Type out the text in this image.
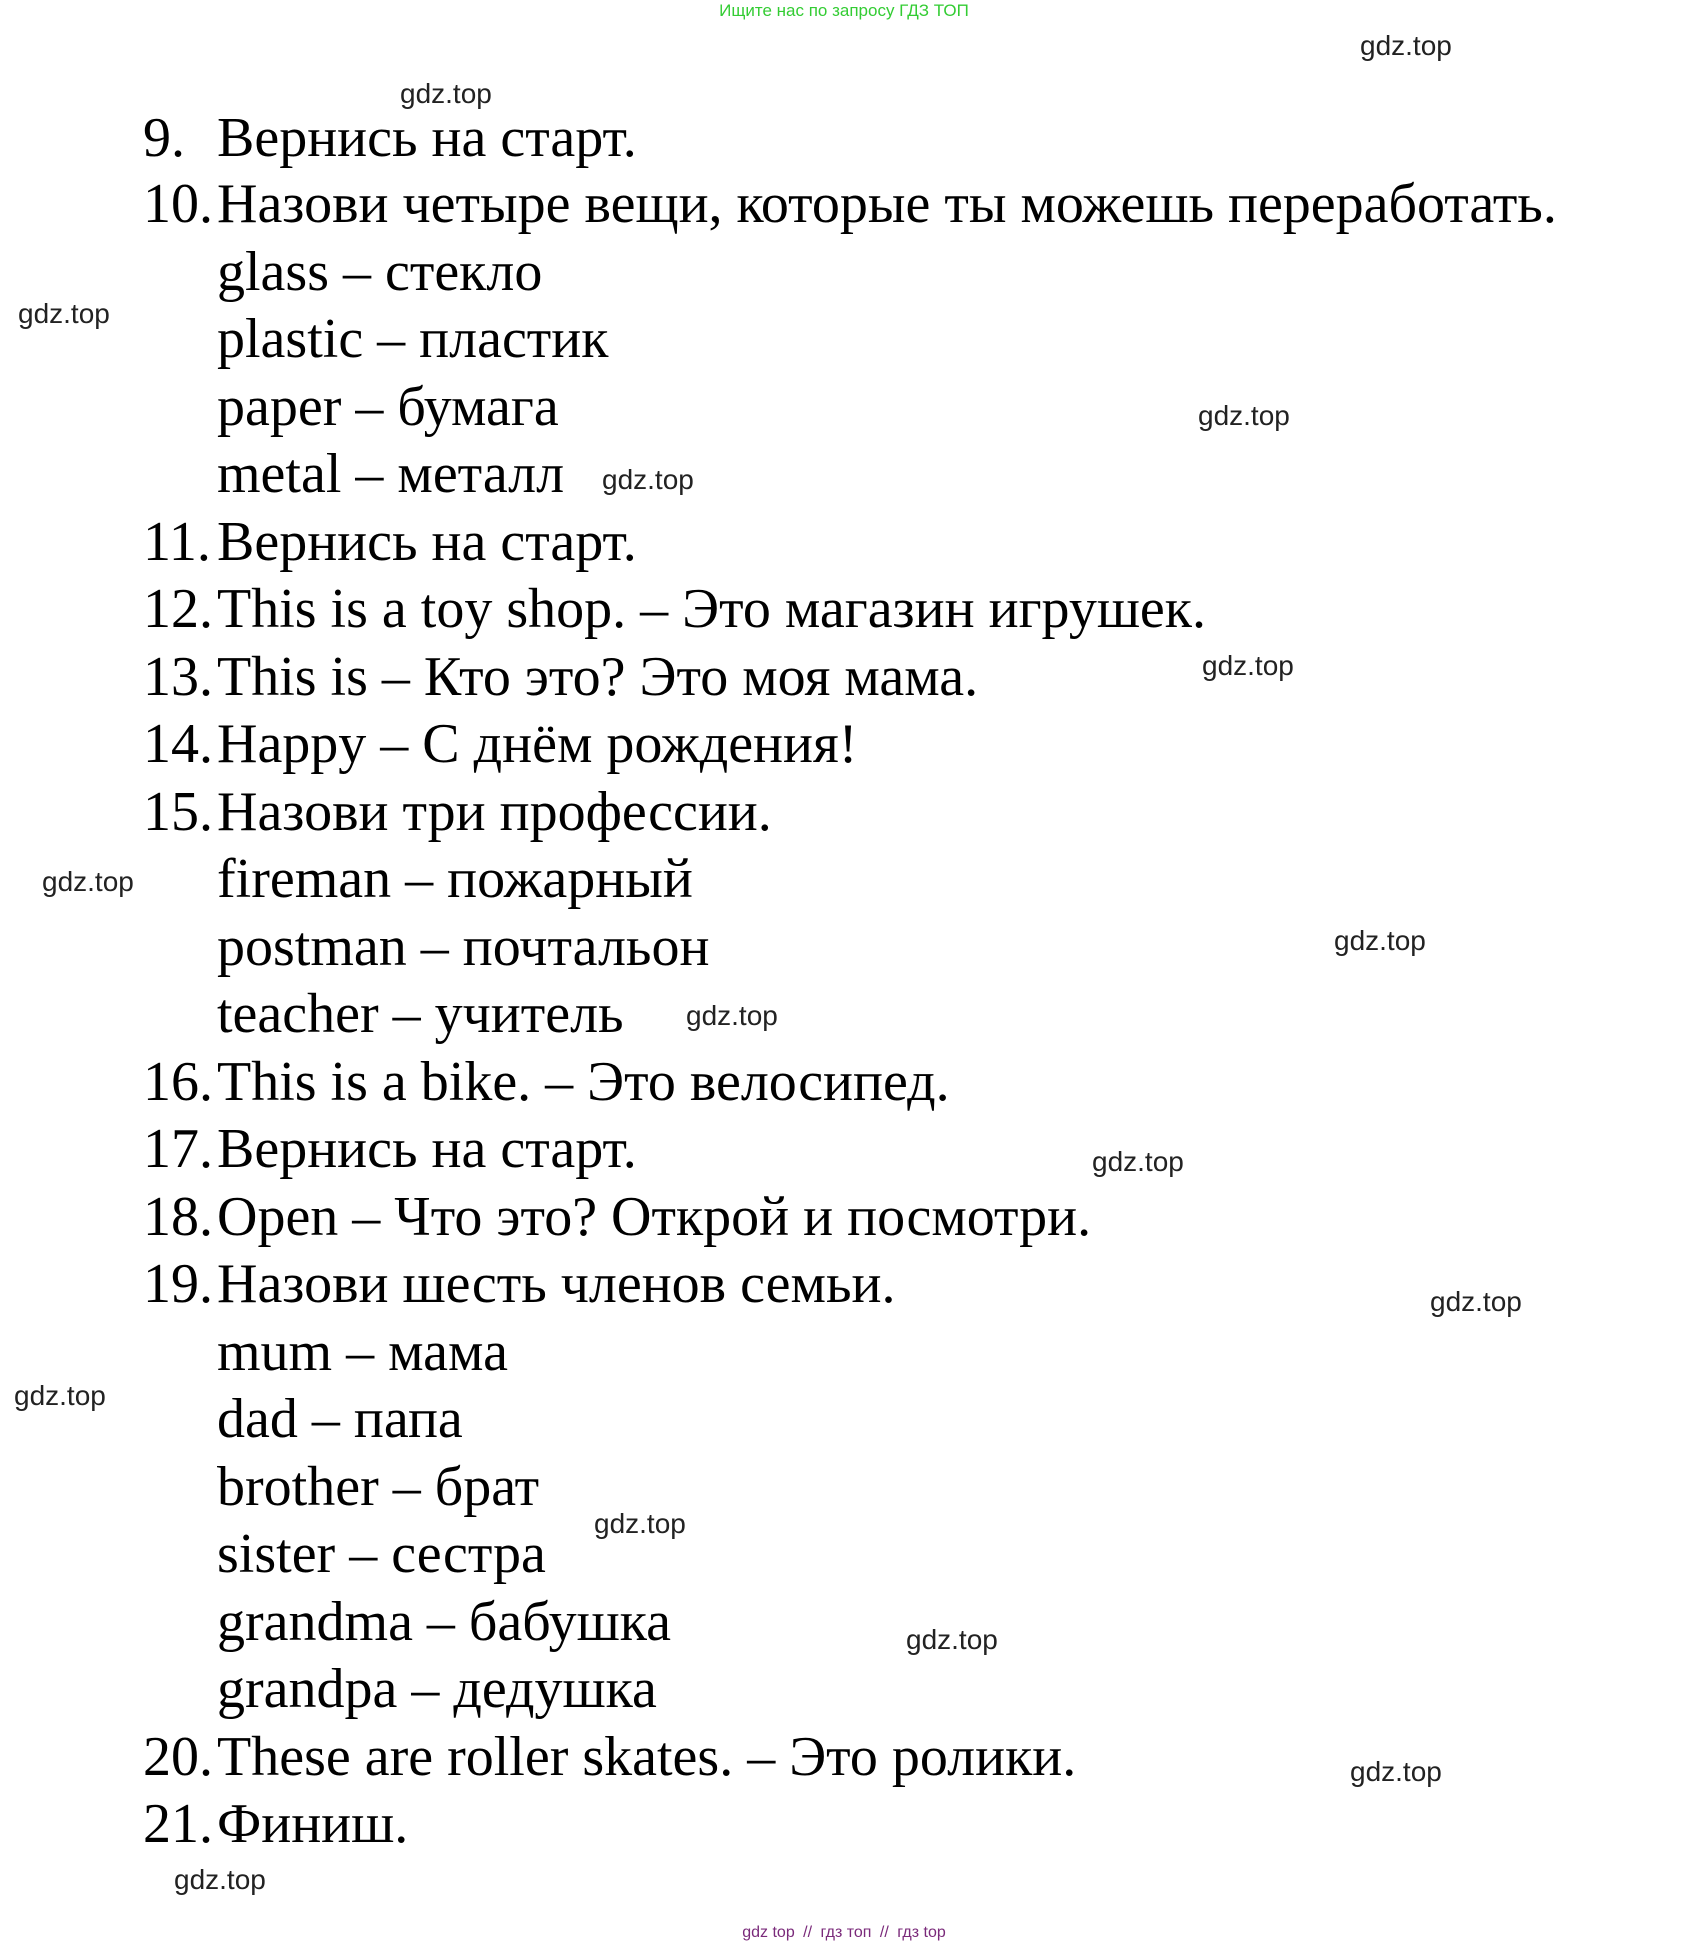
Ищите нас по запросу ГДЗ ТОП
9. Вернись на старт.
10. Назови четыре вещи, которые ты можешь переработать.
glass – стекло
plastic – пластик
paper – бумага
metal – металл
11. Вернись на старт.
12. This is a toy shop. – Это магазин игрушек.
13. This is – Кто это? Это моя мама.
14. Happy – С днём рождения!
15. Назови три профессии.
fireman – пожарный
postman – почтальон
teacher – учитель
16. This is a bike. – Это велосипед.
17. Вернись на старт.
18. Open – Что это? Открой и посмотри.
19. Назови шесть членов семьи.
mum – мама
dad – папа
brother – брат
sister – сестра
grandma – бабушка
grandpa – дедушка
20. These are roller skates. – Это ролики.
21. Финиш.
gdz.top
gdz.top
gdz.top
gdz.top
gdz.top
gdz.top
gdz.top
gdz.top
gdz.top
gdz.top
gdz.top
gdz.top
gdz.top
gdz.top
gdz.top
gdz.top
gdz top // гдз топ // гдз top
